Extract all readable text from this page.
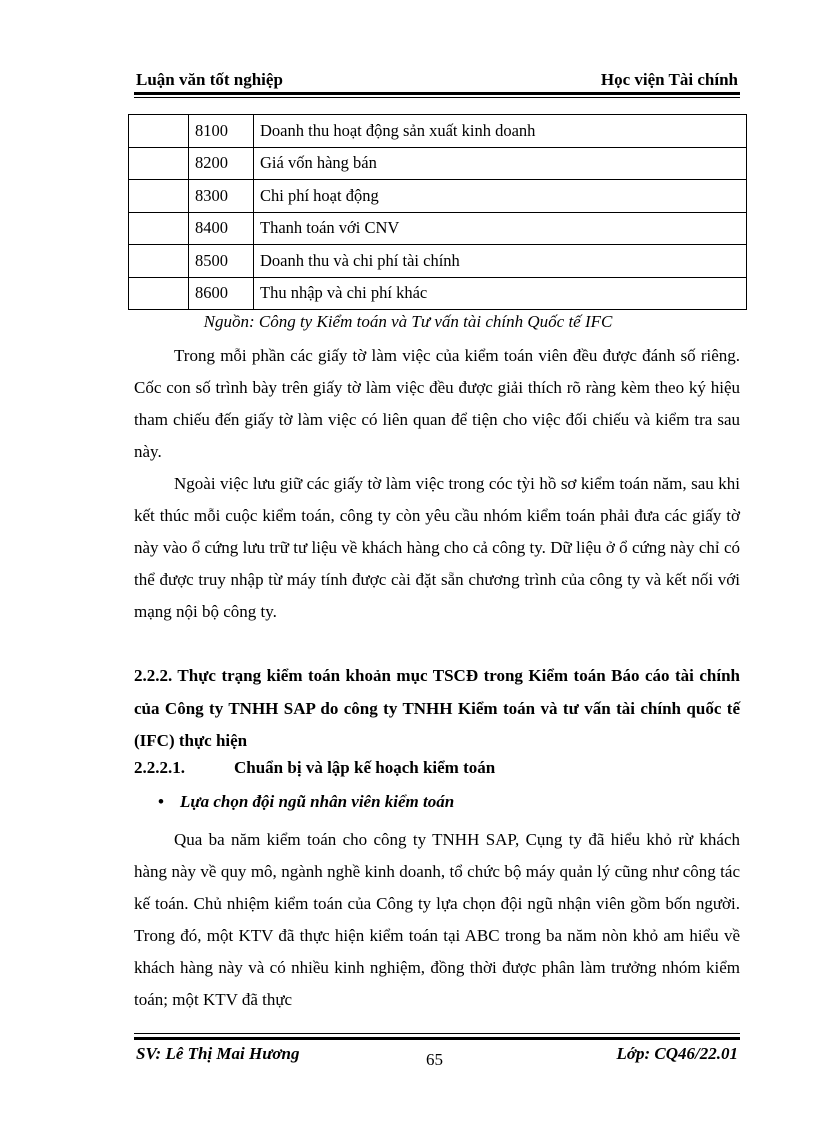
Luận văn tốt nghiệp	Học viện Tài chính
	8100	Doanh thu hoạt động sản xuất kinh doanh
	8200	Giá vốn hàng bán
	8300	Chi phí hoạt động
	8400	Thanh toán với CNV
	8500	Doanh thu và chi phí tài chính
	8600	Thu nhập và chi phí khác
Nguồn: Công ty Kiểm toán và Tư vấn tài chính Quốc tế IFC

Trong mỗi phần các giấy tờ làm việc của kiểm toán viên đều được đánh số riêng. Cốc con số trình bày trên giấy tờ làm việc đều được giải thích rõ ràng kèm theo ký hiệu tham chiếu đến giấy tờ làm việc có liên quan để tiện cho việc đối chiếu và kiểm tra sau này.

Ngoài việc lưu giữ các giấy tờ làm việc trong cóc tỳi hồ sơ kiểm toán năm, sau khi kết thúc mỗi cuộc kiểm toán, công ty còn yêu cầu nhóm kiểm toán phải đưa các giấy tờ này vào ổ cứng lưu trữ tư liệu về khách hàng cho cả công ty. Dữ liệu ở ổ cứng này chỉ có thể được truy nhập từ máy tính được cài đặt sẵn chương trình của công ty và kết nối với mạng nội bộ công ty.

2.2.2. Thực trạng kiểm toán khoản mục TSCĐ trong Kiểm toán Báo cáo tài chính của Công ty TNHH SAP do công ty TNHH Kiểm toán và tư vấn tài chính quốc tế (IFC) thực hiện
2.2.2.1.	Chuẩn bị và lập kế hoạch kiểm toán
• Lựa chọn đội ngũ nhân viên kiểm toán

Qua ba năm kiểm toán cho công ty TNHH SAP, Cụng ty đã hiểu khỏ rừ khách hàng này về quy mô, ngành nghề kinh doanh, tổ chức bộ máy quản lý cũng như công tác kế toán. Chủ nhiệm kiểm toán của Công ty lựa chọn đội ngũ nhận viên gồm bốn người. Trong đó, một KTV đã thực hiện kiểm toán tại ABC trong ba năm nòn khỏ am hiểu về khách hàng này và có nhiều kinh nghiệm, đồng thời được phân làm trưởng nhóm kiểm toán; một KTV đã thực

SV: Lê Thị Mai Hương	65	Lớp: CQ46/22.01
